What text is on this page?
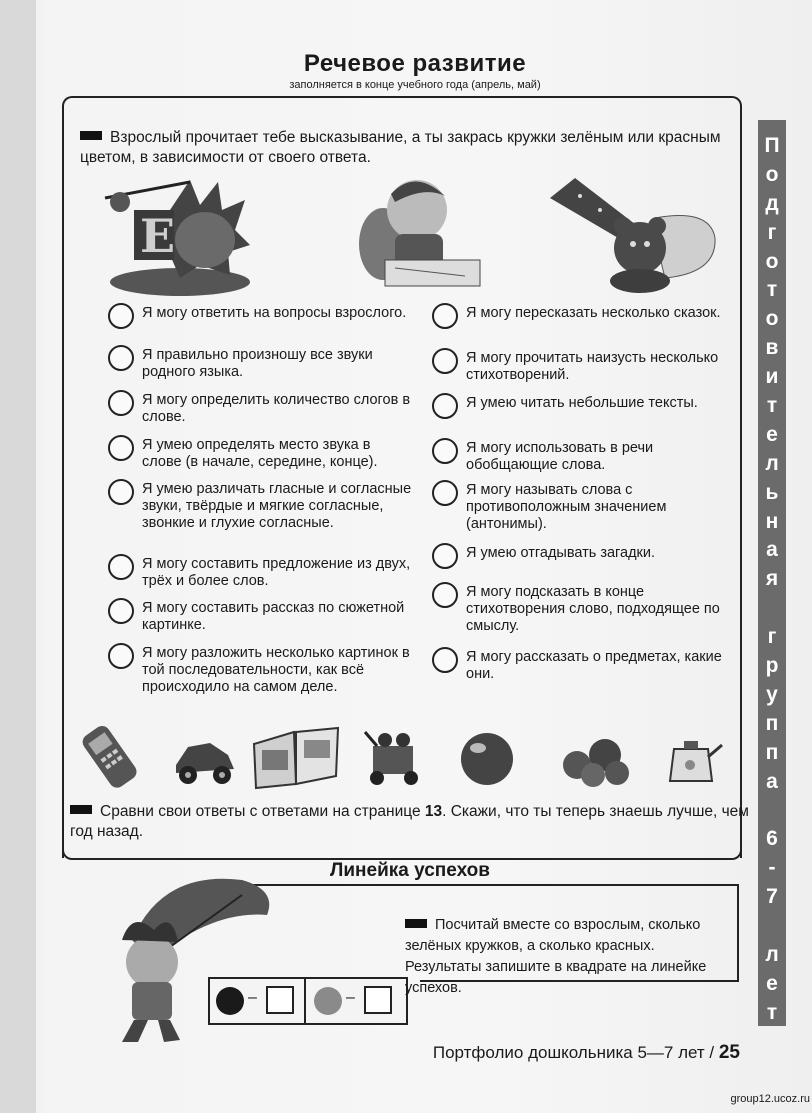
Речевое развитие
заполняется в конце учебного года (апрель, май)
П
о
д
г
о
т
о
в
и
т
е
л
ь
н
а
я
г
р
у
п
п
а
6
-
7
л
е
т
Взрослый прочитает тебе высказывание, а ты закрась кружки зелёным или красным цветом, в зависимости от своего ответа.
Е
Я могу ответить на вопросы взрослого.
Я правильно произношу все звуки родного языка.
Я могу определить количество слогов в слове.
Я умею определять место звука в слове (в начале, середине, конце).
Я умею различать гласные и согласные звуки, твёрдые и мягкие согласные, звонкие и глухие согласные.
Я могу составить предложение из двух, трёх и более слов.
Я могу составить рассказ по сюжетной картинке.
Я могу разложить несколько картинок в той последовательности, как всё происходило на самом деле.
Я могу пересказать несколько сказок.
Я могу прочитать наизусть несколько стихотворений.
Я умею читать небольшие тексты.
Я могу использовать в речи обобщающие слова.
Я могу называть слова с противоположным значением (антонимы).
Я умею отгадывать загадки.
Я могу подсказать в конце стихотворения слово, подходящее по смыслу.
Я могу рассказать о предметах, какие они.
Сравни свои ответы с ответами на странице 13. Скажи, что ты теперь знаешь лучше, чем год назад.
Линейка успехов
–	–
Посчитай вместе со взрослым, сколько зелёных кружков, а сколько красных. Результаты запишите в квадрате на линейке успехов.
Портфолио дошкольника 5—7 лет / 25
group12.ucoz.ru
